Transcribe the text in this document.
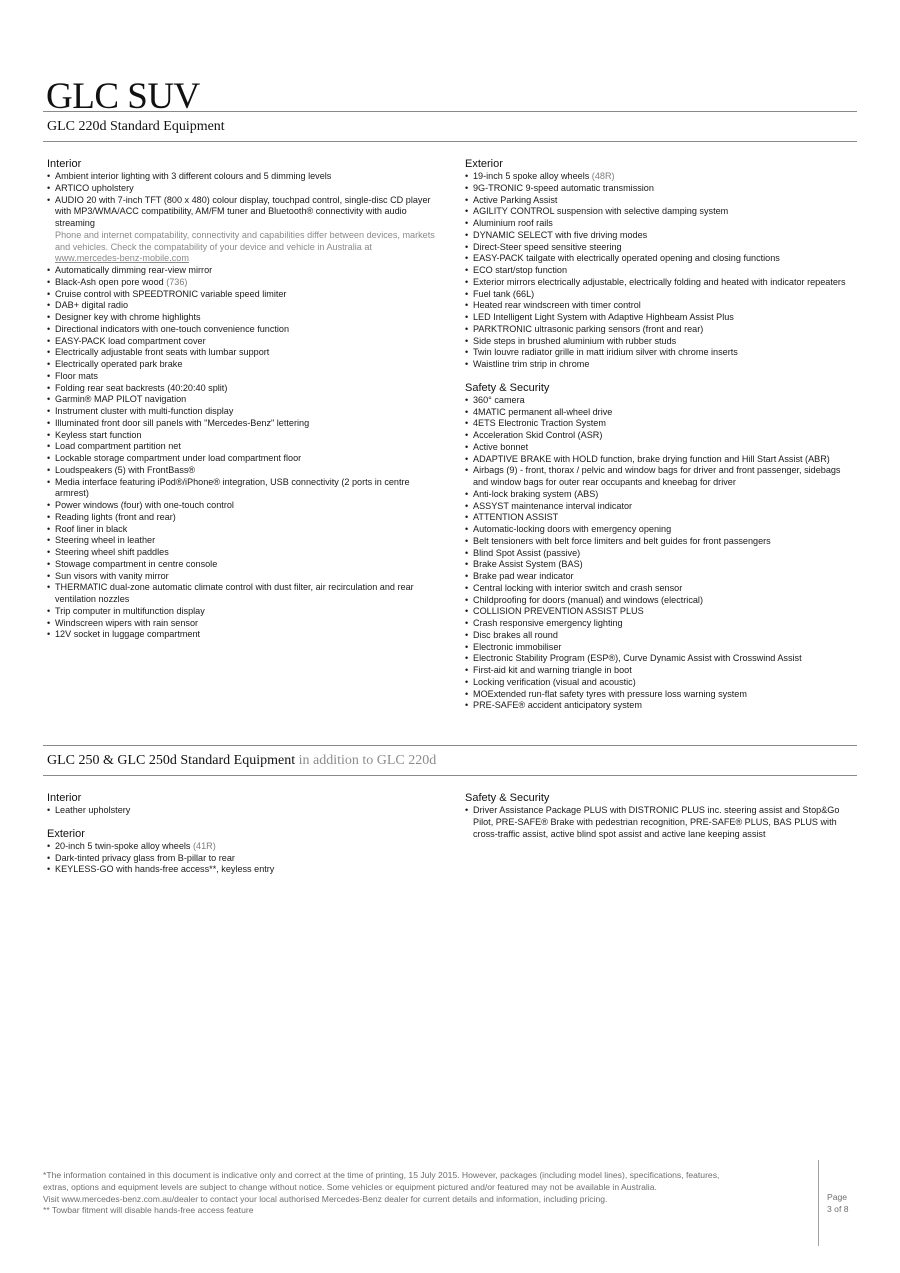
GLC SUV
GLC 220d Standard Equipment
Interior
• Ambient interior lighting with 3 different colours and 5 dimming levels
• ARTICO upholstery
• AUDIO 20 with 7-inch TFT (800 x 480) colour display, touchpad control, single-disc CD player with MP3/WMA/ACC compatibility, AM/FM tuner and Bluetooth® connectivity with audio streaming
Phone and internet compatability, connectivity and capabilities differ between devices, markets and vehicles. Check the compatability of your device and vehicle in Australia at
www.mercedes-benz-mobile.com
• Automatically dimming rear-view mirror
• Black-Ash open pore wood (736)
• Cruise control with SPEEDTRONIC variable speed limiter
• DAB+ digital radio
• Designer key with chrome highlights
• Directional indicators with one-touch convenience function
• EASY-PACK load compartment cover
• Electrically adjustable front seats with lumbar support
• Electrically operated park brake
• Floor mats
• Folding rear seat backrests (40:20:40 split)
• Garmin® MAP PILOT navigation
• Instrument cluster with multi-function display
• Illuminated front door sill panels with "Mercedes-Benz" lettering
• Keyless start function
• Load compartment partition net
• Lockable storage compartment under load compartment floor
• Loudspeakers (5) with FrontBass®
• Media interface featuring iPod®/iPhone® integration, USB connectivity (2 ports in centre armrest)
• Power windows (four) with one-touch control
• Reading lights (front and rear)
• Roof liner in black
• Steering wheel in leather
• Steering wheel shift paddles
• Stowage compartment in centre console
• Sun visors with vanity mirror
• THERMATIC dual-zone automatic climate control with dust filter, air recirculation and rear ventilation nozzles
• Trip computer in multifunction display
• Windscreen wipers with rain sensor
• 12V socket in luggage compartment
Exterior
• 19-inch 5 spoke alloy wheels (48R)
• 9G-TRONIC 9-speed automatic transmission
• Active Parking Assist
• AGILITY CONTROL suspension with selective damping system
• Aluminium roof rails
• DYNAMIC SELECT with five driving modes
• Direct-Steer speed sensitive steering
• EASY-PACK tailgate with electrically operated opening and closing functions
• ECO start/stop function
• Exterior mirrors electrically adjustable, electrically folding and heated with indicator repeaters
• Fuel tank (66L)
• Heated rear windscreen with timer control
• LED Intelligent Light System with Adaptive Highbeam Assist Plus
• PARKTRONIC ultrasonic parking sensors (front and rear)
• Side steps in brushed aluminium with rubber studs
• Twin louvre radiator grille in matt iridium silver with chrome inserts
• Waistline trim strip in chrome
Safety & Security
• 360° camera
• 4MATIC permanent all-wheel drive
• 4ETS Electronic Traction System
• Acceleration Skid Control (ASR)
• Active bonnet
• ADAPTIVE BRAKE with HOLD function, brake drying function and Hill Start Assist (ABR)
• Airbags (9) - front, thorax / pelvic and window bags for driver and front passenger, sidebags and window bags for outer rear occupants and kneebag for driver
• Anti-lock braking system (ABS)
• ASSYST maintenance interval indicator
• ATTENTION ASSIST
• Automatic-locking doors with emergency opening
• Belt tensioners with belt force limiters and belt guides for front passengers
• Blind Spot Assist (passive)
• Brake Assist System (BAS)
• Brake pad wear indicator
• Central locking with interior switch and crash sensor
• Childproofing for doors (manual) and windows (electrical)
• COLLISION PREVENTION ASSIST PLUS
• Crash responsive emergency lighting
• Disc brakes all round
• Electronic immobiliser
• Electronic Stability Program (ESP®), Curve Dynamic Assist with Crosswind Assist
• First-aid kit and warning triangle in boot
• Locking verification (visual and acoustic)
• MOExtended run-flat safety tyres with pressure loss warning system
• PRE-SAFE® accident anticipatory system
GLC 250 & GLC 250d Standard Equipment in addition to GLC 220d
Interior
• Leather upholstery
Exterior
• 20-inch 5 twin-spoke alloy wheels (41R)
• Dark-tinted privacy glass from B-pillar to rear
• KEYLESS-GO with hands-free access**, keyless entry
Safety & Security
• Driver Assistance Package PLUS with DISTRONIC PLUS inc. steering assist and Stop&Go Pilot, PRE-SAFE® Brake with pedestrian recognition, PRE-SAFE® PLUS, BAS PLUS with cross-traffic assist, active blind spot assist and active lane keeping assist
*The information contained in this document is indicative only and correct at the time of printing, 15 July 2015. However, packages (including model lines), specifications, features,
extras, options and equipment levels are subject to change without notice. Some vehicles or equipment pictured and/or featured may not be available in Australia.
Visit www.mercedes-benz.com.au/dealer to contact your local authorised Mercedes-Benz dealer for current details and information, including pricing.
** Towbar fitment will disable hands-free access feature
Page
3 of 8
